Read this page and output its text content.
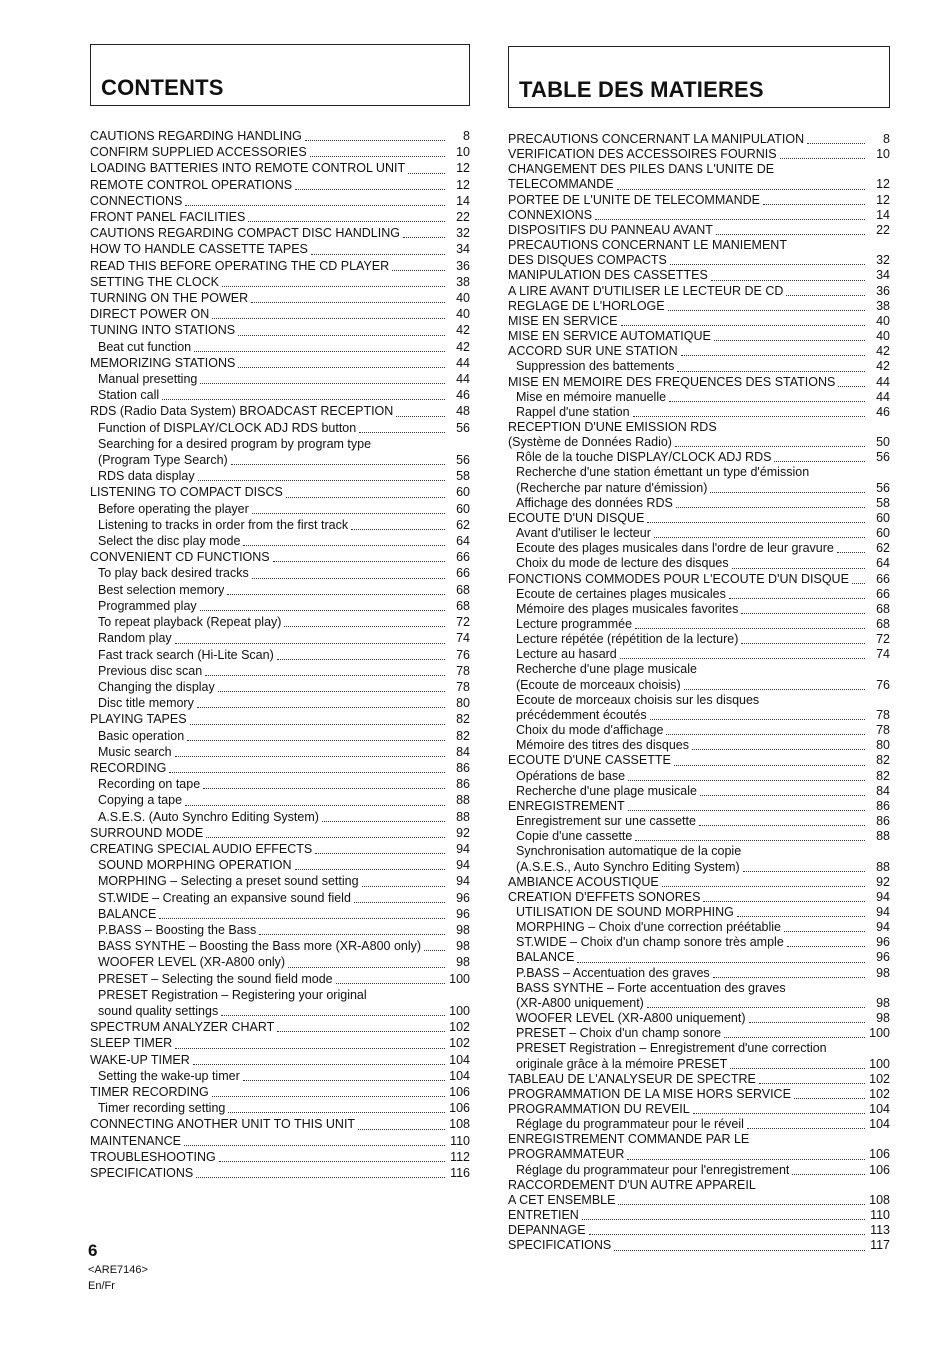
CONTENTS
CAUTIONS REGARDING HANDLING	8
CONFIRM SUPPLIED ACCESSORIES	10
LOADING BATTERIES INTO REMOTE CONTROL UNIT	12
REMOTE CONTROL OPERATIONS	12
CONNECTIONS	14
FRONT PANEL FACILITIES	22
CAUTIONS REGARDING COMPACT DISC HANDLING	32
HOW TO HANDLE CASSETTE TAPES	34
READ THIS BEFORE OPERATING THE CD PLAYER	36
SETTING THE CLOCK	38
TURNING ON THE POWER	40
DIRECT POWER ON	40
TUNING INTO STATIONS	42
Beat cut function	42
MEMORIZING STATIONS	44
Manual presetting	44
Station call	46
RDS (Radio Data System) BROADCAST RECEPTION	48
Function of DISPLAY/CLOCK ADJ RDS button	56
Searching for a desired program by program type
(Program Type Search)	56
RDS data display	58
LISTENING TO COMPACT DISCS	60
Before operating the player	60
Listening to tracks in order from the first track	62
Select the disc play mode	64
CONVENIENT CD FUNCTIONS	66
To play back desired tracks	66
Best selection memory	68
Programmed play	68
To repeat playback (Repeat play)	72
Random play	74
Fast track search (Hi-Lite Scan)	76
Previous disc scan	78
Changing the display	78
Disc title memory	80
PLAYING TAPES	82
Basic operation	82
Music search	84
RECORDING	86
Recording on tape	86
Copying a tape	88
A.S.E.S. (Auto Synchro Editing System)	88
SURROUND MODE	92
CREATING SPECIAL AUDIO EFFECTS	94
SOUND MORPHING OPERATION	94
MORPHING – Selecting a preset sound setting	94
ST.WIDE – Creating an expansive sound field	96
BALANCE	96
P.BASS – Boosting the Bass	98
BASS SYNTHE – Boosting the Bass more (XR-A800 only)	98
WOOFER LEVEL (XR-A800 only)	98
PRESET – Selecting the sound field mode	100
PRESET Registration – Registering your original
sound quality settings	100
SPECTRUM ANALYZER CHART	102
SLEEP TIMER	102
WAKE-UP TIMER	104
Setting the wake-up timer	104
TIMER RECORDING	106
Timer recording setting	106
CONNECTING ANOTHER UNIT TO THIS UNIT	108
MAINTENANCE	110
TROUBLESHOOTING	112
SPECIFICATIONS	116
TABLE DES MATIERES
PRECAUTIONS CONCERNANT LA MANIPULATION	8
VERIFICATION DES ACCESSOIRES FOURNIS	10
CHANGEMENT DES PILES DANS L'UNITE DE
TELECOMMANDE	12
PORTEE DE L'UNITE DE TELECOMMANDE	12
CONNEXIONS	14
DISPOSITIFS DU PANNEAU AVANT	22
PRECAUTIONS CONCERNANT LE MANIEMENT
DES DISQUES COMPACTS	32
MANIPULATION DES CASSETTES	34
A LIRE AVANT D'UTILISER LE LECTEUR DE CD	36
REGLAGE DE L'HORLOGE	38
MISE EN SERVICE	40
MISE EN SERVICE AUTOMATIQUE	40
ACCORD SUR UNE STATION	42
Suppression des battements	42
MISE EN MEMOIRE DES FREQUENCES DES STATIONS	44
Mise en mémoire manuelle	44
Rappel d'une station	46
RECEPTION D'UNE EMISSION RDS
(Système de Données Radio)	50
Rôle de la touche DISPLAY/CLOCK ADJ RDS	56
Recherche d'une station émettant un type d'émission
(Recherche par nature d'émission)	56
Affichage des données RDS	58
ECOUTE D'UN DISQUE	60
Avant d'utiliser le lecteur	60
Ecoute des plages musicales dans l'ordre de leur gravure	62
Choix du mode de lecture des disques	64
FONCTIONS COMMODES POUR L'ECOUTE D'UN DISQUE	66
Ecoute de certaines plages musicales	66
Mémoire des plages musicales favorites	68
Lecture programmée	68
Lecture répétée (répétition de la lecture)	72
Lecture au hasard	74
Recherche d'une plage musicale
(Ecoute de morceaux choisis)	76
Ecoute de morceaux choisis sur les disques
précédemment écoutés	78
Choix du mode d'affichage	78
Mémoire des titres des disques	80
ECOUTE D'UNE CASSETTE	82
Opérations de base	82
Recherche d'une plage musicale	84
ENREGISTREMENT	86
Enregistrement sur une cassette	86
Copie d'une cassette	88
Synchronisation automatique de la copie
(A.S.E.S., Auto Synchro Editing System)	88
AMBIANCE ACOUSTIQUE	92
CREATION D'EFFETS SONORES	94
UTILISATION DE SOUND MORPHING	94
MORPHING – Choix d'une correction préétablie	94
ST.WIDE – Choix d'un champ sonore très ample	96
BALANCE	96
P.BASS – Accentuation des graves	98
BASS SYNTHE – Forte accentuation des graves
(XR-A800 uniquement)	98
WOOFER LEVEL (XR-A800 uniquement)	98
PRESET – Choix d'un champ sonore	100
PRESET Registration – Enregistrement d'une correction
originale grâce à la mémoire PRESET	100
TABLEAU DE L'ANALYSEUR DE SPECTRE	102
PROGRAMMATION DE LA MISE HORS SERVICE	102
PROGRAMMATION DU REVEIL	104
Réglage du programmateur pour le réveil	104
ENREGISTREMENT COMMANDE PAR LE
PROGRAMMATEUR	106
Réglage du programmateur pour l'enregistrement	106
RACCORDEMENT D'UN AUTRE APPAREIL
A CET ENSEMBLE	108
ENTRETIEN	110
DEPANNAGE	113
SPECIFICATIONS	117
6
<ARE7146>
En/Fr
